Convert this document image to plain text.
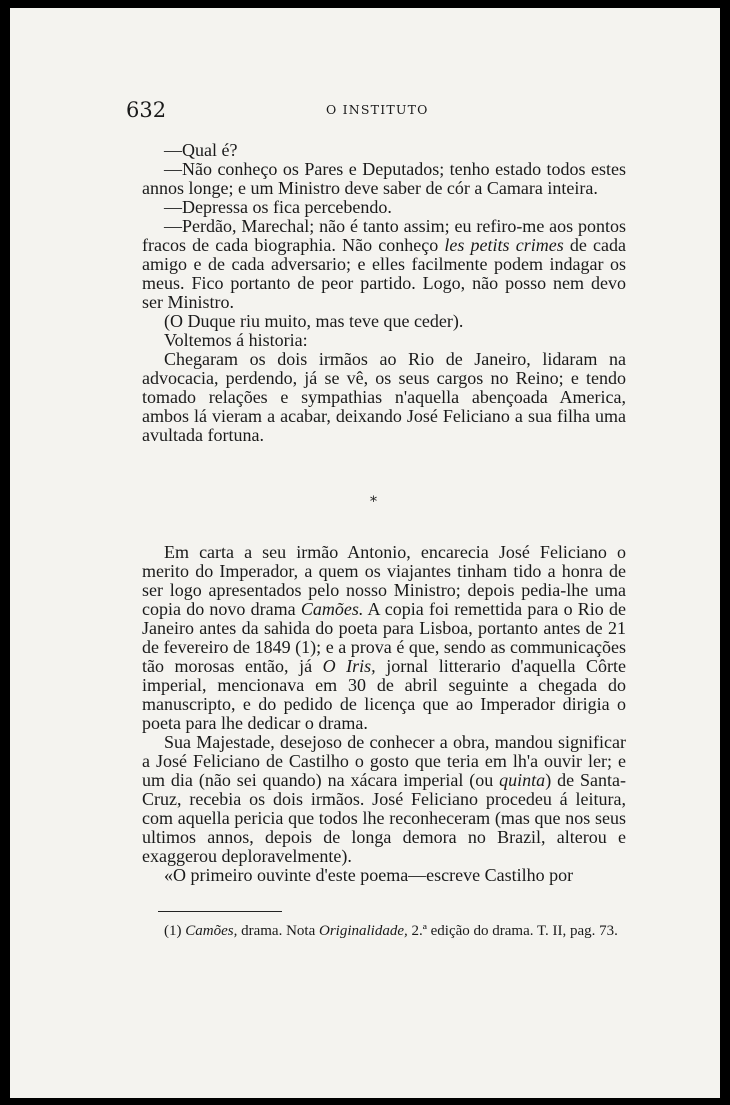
632	O INSTITUTO

—Qual é?

—Não conheço os Pares e Deputados; tenho estado todos estes annos longe; e um Ministro deve saber de cór a Camara inteira.

—Depressa os fica percebendo.

—Perdão, Marechal; não é tanto assim; eu refiro-me aos pontos fracos de cada biographia. Não conheço les petits crimes de cada amigo e de cada adversario; e elles facilmente podem indagar os meus. Fico portanto de peor partido. Logo, não posso nem devo ser Ministro.

(O Duque riu muito, mas teve que ceder).

Voltemos á historia:

Chegaram os dois irmãos ao Rio de Janeiro, lidaram na advocacia, perdendo, já se vê, os seus cargos no Reino; e tendo tomado relações e sympathias n'aquella abençoada America, ambos lá vieram a acabar, deixando José Feliciano a sua filha uma avultada fortuna.

*

Em carta a seu irmão Antonio, encarecia José Feliciano o merito do Imperador, a quem os viajantes tinham tido a honra de ser logo apresentados pelo nosso Ministro; depois pedia-lhe uma copia do novo drama Camões. A copia foi remettida para o Rio de Janeiro antes da sahida do poeta para Lisboa, portanto antes de 21 de fevereiro de 1849 (1); e a prova é que, sendo as communicações tão morosas então, já O Iris, jornal litterario d'aquella Côrte imperial, mencionava em 30 de abril seguinte a chegada do manuscripto, e do pedido de licença que ao Imperador dirigia o poeta para lhe dedicar o drama.

Sua Majestade, desejoso de conhecer a obra, mandou significar a José Feliciano de Castilho o gosto que teria em lh'a ouvir ler; e um dia (não sei quando) na xácara imperial (ou quinta) de Santa-Cruz, recebia os dois irmãos. José Feliciano procedeu á leitura, com aquella pericia que todos lhe reconheceram (mas que nos seus ultimos annos, depois de longa demora no Brazil, alterou e exaggerou deploravelmente).

«O primeiro ouvinte d'este poema—escreve Castilho por

(1) Camões, drama. Nota Originalidade, 2.ª edição do drama. T. II, pag. 73.
